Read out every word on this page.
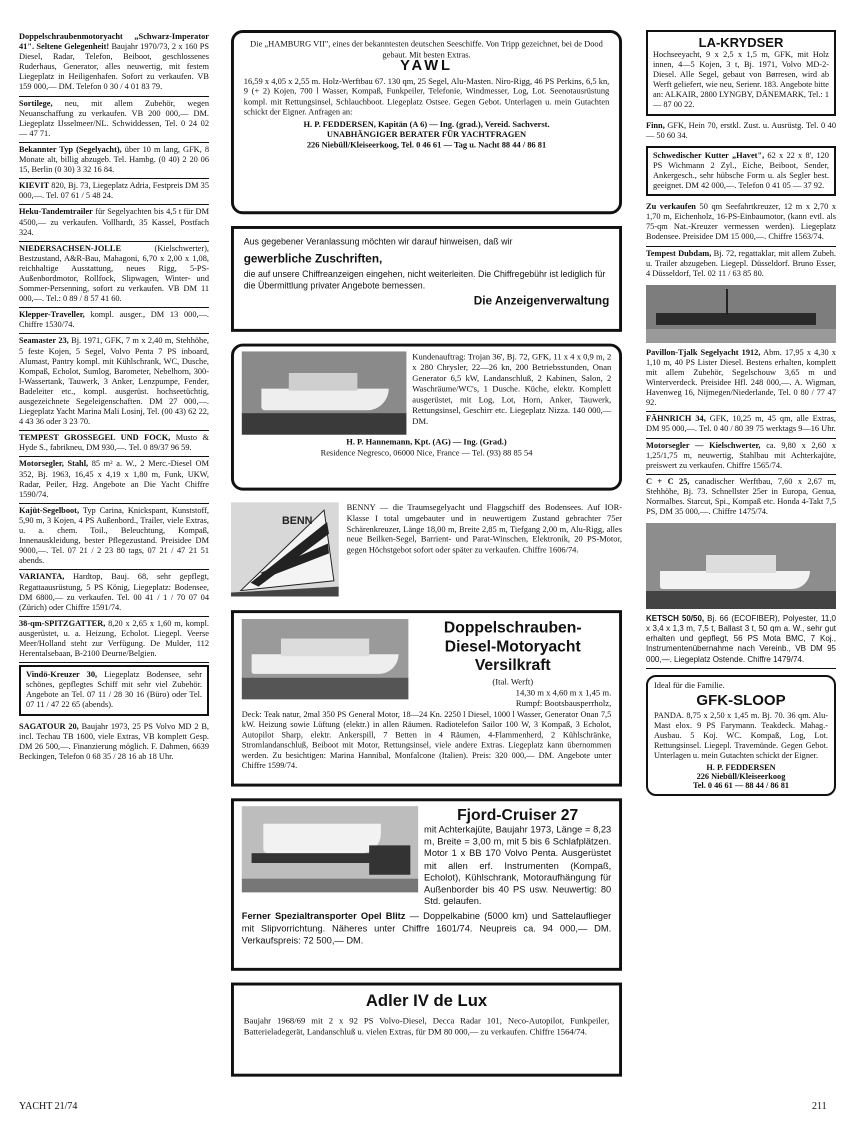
Doppelschraubenmotoryacht „Schwarz-Imperator 41". Seltene Gelegenheit! Baujahr 1970/73, 2 x 160 PS Diesel, Radar, Telefon, Beiboot, geschlossenes Ruderhaus, Generator, alles neuwertig, mit festem Liegeplatz in Heiligenhafen. Sofort zu verkaufen. VB 159 000,— DM. Telefon 0 30 / 4 01 83 79.
Sortilege, neu, mit allem Zubehör, wegen Neuanschaffung zu verkaufen. VB 200 000,— DM. Liegeplatz IJsselmeer/NL. Schwiddessen, Tel. 0 24 02 — 47 71.
Bekannter Typ (Segelyacht), über 10 m lang, GFK, 8 Monate alt, billig abzugeb. Tel. Hambg. (0 40) 2 20 06 15, Berlin (0 30) 3 32 16 84.
KIEVIT 820, Bj. 73, Liegeplatz Adria, Festpreis DM 35 000,—. Tel. 07 61 / 5 48 24.
Heku-Tandemtrailer für Segelyachten bis 4,5 t für DM 4500,— zu verkaufen. Vollhardt, 35 Kassel, Postfach 324.
NIEDERSACHSEN-JOLLE	(Kielschwerter), Bestzustand, A&R-Bau, Mahagoni, 6,70 x 2,00 x 1,08, reichhaltige Ausstattung, neues Rigg, 5-PS-Außenbordmotor, Rollfock, Slipwagen, Winter- und Sommer-Persenning, sofort zu verkaufen. VB DM 11 000,—. Tel.: 0 89 / 8 57 41 60.
Klepper-Traveller, kompl. ausger., DM 13 000,—. Chiffre 1530/74.
Seamaster 23, Bj. 1971, GFK, 7 m x 2,40 m, Stehhöhe, 5 feste Kojen, 5 Segel, Volvo Penta 7 PS inboard, Alumast, Pantry kompl. mit Kühlschrank, WC, Dusche, Kompaß, Echolot, Sumlog, Barometer, Nebelhorn, 300-l-Wassertank, Tauwerk, 3 Anker, Lenzpumpe, Fender, Badeleiter etc., kompl. ausgerüst. hochseetüchtig, ausgezeichnete Segeleigenschaften. DM 27 000,—. Liegeplatz Yacht Marina Mali Losinj, Tel. (00 43) 62 22, 4 43 36 oder 3 23 70.
TEMPEST GROSSEGEL UND FOCK, Musto & Hyde S., fabrikneu, DM 930,—. Tel. 0 89/37 96 59.
Motorsegler, Stahl, 85 m² a. W., 2 Merc.-Diesel OM 352, Bj. 1963, 16,45 x 4,19 x 1,80 m, Funk, UKW, Radar, Peiler, Hzg. Angebote an Die Yacht Chiffre 1590/74.
Kajüt-Segelboot, Typ Carina, Knickspant, Kunststoff, 5,90 m, 3 Kojen, 4 PS Außenbord., Trailer, viele Extras, u. a. chem. Toil., Beleuchtung, Kompaß, Innenauskleidung, bester Pflegezustand. Preisidee DM 9000,—. Tel. 07 21 / 2 23 80 tags, 07 21 / 47 21 51 abends.
VARIANTA, Hardtop, Bauj. 68, sehr gepflegt, Regattaausrüstung, 5 PS König, Liegeplatz: Bodensee, DM 6800,— zu verkaufen. Tel. 00 41 / 1 / 70 07 04 (Zürich) oder Chiffre 1591/74.
38-qm-SPITZGATTER, 8,20 x 2,65 x 1,60 m, kompl. ausgerüstet, u. a. Heizung, Echolot. Liegepl. Veerse Meer/Holland steht zur Verfügung. De Mulder, 112 Herentalsebaan, B-2100 Deurne/Belgien.
Vindö-Kreuzer 30, Liegeplatz Bodensee, sehr schönes, gepflegtes Schiff mit sehr viel Zubehör. Angebote an Tel. 07 11 / 28 30 16 (Büro) oder Tel. 07 11 / 47 22 65 (abends).
SAGATOUR 20, Baujahr 1973, 25 PS Volvo MD 2 B, incl. Techau TB 1600, viele Extras, VB komplett Gesp. DM 26 500,—. Finanzierung möglich. F. Dahmen, 6639 Beckingen, Telefon 0 68 35 / 28 16 ab 18 Uhr.

Die „HAMBURG VII", eines der bekanntesten deutschen Seeschiffe. Von Tripp gezeichnet, bei de Dood gebaut. Mit besten Extras.

YAWL

16,59 x 4,05 x 2,55 m. Holz-Werftbau 67. 130 qm, 25 Segel, Alu-Masten. Niro-Rigg, 46 PS Perkins, 6,5 kn, 9 (+ 2) Kojen, 700 l Wasser, Kompaß, Funkpeiler, Telefonie, Windmesser, Log, Lot. Seenotausrüstung kompl. mit Rettungsinsel, Schlauchboot. Liegeplatz Ostsee. Gegen Gebot. Unterlagen u. mein Gutachten schickt der Eigner. Anfragen an:

H. P. FEDDERSEN, Kapitän (A 6) — Ing. (grad.), Vereid. Sachverst.

UNABHÄNGIGER BERATER FÜR YACHTFRAGEN

226 Niebüll/Kleiseerkoog, Tel. 0 46 61 — Tag u. Nacht 88 44 / 86 81

Aus gegebener Veranlassung möchten wir darauf hinweisen, daß wir

gewerbliche Zuschriften,

die auf unsere Chiffreanzeigen eingehen, nicht weiterleiten. Die Chiffregebühr ist lediglich für die Übermittlung privater Angebote bemessen.

Die Anzeigenverwaltung

Kundenauftrag: Trojan 36', Bj. 72, GFK, 11 x 4 x 0,9 m, 2 x 280 Chrysler, 22—26 kn, 200 Betriebsstunden, Onan Generator 6,5 kW, Landanschluß, 2 Kabinen, Salon, 2 Waschräume/WC's, 1 Dusche. Küche, elektr. Komplett ausgerüstet, mit Log, Lot, Horn, Anker, Tauwerk, Rettungsinsel, Geschirr etc. Liegeplatz Nizza. 140 000,— DM.

H. P. Hannemann, Kpt. (AG) — Ing. (Grad.)

Residence Negresco, 06000 Nice, France — Tel. (93) 88 85 54

BENN

BENNY — die Traumsegelyacht und Flaggschiff des Bodensees. Auf IOR-Klasse I total umgebauter und in neuwertigem Zustand gebrachter 75er Schärenkreuzer, Länge 18,00 m, Breite 2,85 m, Tiefgang 2,00 m, Alu-Rigg, alles neue Beilken-Segel, Barrient- und Parat-Winschen, Elektronik, 20 PS-Motor, gegen Höchstgebot sofort oder später zu verkaufen. Chiffre 1606/74.

Doppelschrauben-
Diesel-Motoryacht
Versilkraft

(Ital. Werft)

14,30 m x 4,60 m x 1,45 m.

Rumpf: Bootsbausperrholz,

Deck: Teak natur, 2mal 350 PS General Motor, 18—24 Kn. 2250 l Diesel, 1000 l Wasser, Generator Onan 7,5 kW. Heizung sowie Lüftung (elektr.) in allen Räumen. Radiotelefon Sailor 100 W, 3 Kompaß, 3 Echolot, Autopilot Sharp, elektr. Ankerspill, 7 Betten in 4 Räumen, 4-Flammenherd, 2 Kühlschränke, Stromlandanschluß, Beiboot mit Motor, Rettungsinsel, viele andere Extras. Liegeplatz kann übernommen werden. Zu besichtigen: Marina Hannibal, Monfalcone (Italien). Preis: 320 000,— DM. Angebote unter Chiffre 1599/74.

Fjord-Cruiser 27

mit Achterkajüte, Baujahr 1973, Länge = 8,23 m, Breite = 3,00 m, mit 5 bis 6 Schlafplätzen. Motor 1 x BB 170 Volvo Penta. Ausgerüstet mit allen erf. Instrumenten (Kompaß, Echolot), Kühlschrank, Motoraufhängung für Außenborder bis 40 PS usw. Neuwertig: 80 Std. gelaufen.

Ferner Spezialtransporter Opel Blitz — Doppelkabine (5000 km) und Sattelauflieger mit Slipvorrichtung. Näheres unter Chiffre 1601/74. Neupreis ca. 94 000,— DM. Verkaufspreis: 72 500,— DM.

Adler IV de Lux

Baujahr 1968/69 mit 2 x 92 PS Volvo-Diesel, Decca Radar 101, Neco-Autopilot, Funkpeiler, Batterieladegerät, Landanschluß u. vielen Extras, für DM 80 000,— zu verkaufen. Chiffre 1564/74.

LA-KRYDSER

Hochseeyacht, 9 x 2,5 x 1,5 m, GFK, mit Holz innen, 4—5 Kojen, 3 t, Bj. 1971, Volvo MD-2-Diesel. Alle Segel, gebaut von Børresen, wird ab Werft geliefert, wie neu, Serienr. 183. Angebote bitte an: ALKAIR, 2800 LYNGBY, DÄNEMARK, Tel.: 1 — 87 00 22.

Finn, GFK, Hein 70, erstkl. Zust. u. Ausrüstg. Tel. 0 40 — 50 60 34.
Schwedischer Kutter „Havet", 62 x 22 x 8', 120 PS Wichmann 2 Zyl., Eiche, Beiboot, Sender, Ankergesch., sehr hübsche Form u. als Segler best. geeignet. DM 42 000,—. Telefon 0 41 05 — 37 92.
Zu verkaufen 50 qm Seefahrtkreuzer, 12 m x 2,70 x 1,70 m, Eichenholz, 16-PS-Einbaumotor, (kann evtl. als 75-qm Nat.-Kreuzer vermessen werden). Liegeplatz Bodensee. Preisidee DM 15 000,—. Chiffre 1563/74.
Tempest Dubdam, Bj. 72, regattaklar, mit allem Zubeh. u. Trailer abzugeben. Liegepl. Düsseldorf. Bruno Esser, 4 Düsseldorf, Tel. 02 11 / 63 85 80.
Pavillon-Tjalk Segelyacht 1912, Abm. 17,95 x 4,30 x 1,10 m, 40 PS Lister Diesel. Bestens erhalten, komplett mit allem Zubehör, Segelschouw 3,65 m und Winterverdeck. Preisidee Hfl. 248 000,—. A. Wigman, Havenweg 16, Nijmegen/Niederlande, Tel. 0 80 / 77 47 92.
FÄHNRICH 34, GFK, 10,25 m, 45 qm, alle Extras, DM 95 000,—. Tel. 0 40 / 80 39 75 werktags 9—16 Uhr.
Motorsegler — Kielschwerter, ca. 9,80 x 2,60 x 1,25/1,75 m, neuwertig, Stahlbau mit Achterkajüte, preiswert zu verkaufen. Chiffre 1565/74.
C + C 25, canadischer Werftbau, 7,60 x 2,67 m, Stehhöhe, Bj. 73. Schnellster 25er in Europa, Genua, Normalbes. Starcut, Spi., Kompaß etc. Honda 4-Takt 7,5 PS, DM 35 000,—. Chiffre 1475/74.
KETSCH 50/50, Bj. 66 (ECOFIBER), Polyester, 11,0 x 3,4 x 1,3 m, 7,5 t, Ballast 3 t, 50 qm a. W., sehr gut erhalten und gepflegt, 56 PS Mota BMC, 7 Koj., Instrumentenübernahme nach Vereinb., VB DM 95 000,—. Liegeplatz Ostende. Chiffre 1479/74.

Ideal für die Familie.

GFK-SLOOP

PANDA. 8,75 x 2,50 x 1,45 m. Bj. 70. 36 qm. Alu-Mast elox. 9 PS Farymann. Teakdeck. Mahag.-Ausbau. 5 Koj. WC. Kompaß, Log, Lot. Rettungsinsel. Liegepl. Travemünde. Gegen Gebot. Unterlagen u. mein Gutachten schickt der Eigner.

H. P. FEDDERSEN

226 Niebüll/Kleiseerkoog

Tel. 0 46 61 — 88 44 / 86 81

YACHT 21/74	211
